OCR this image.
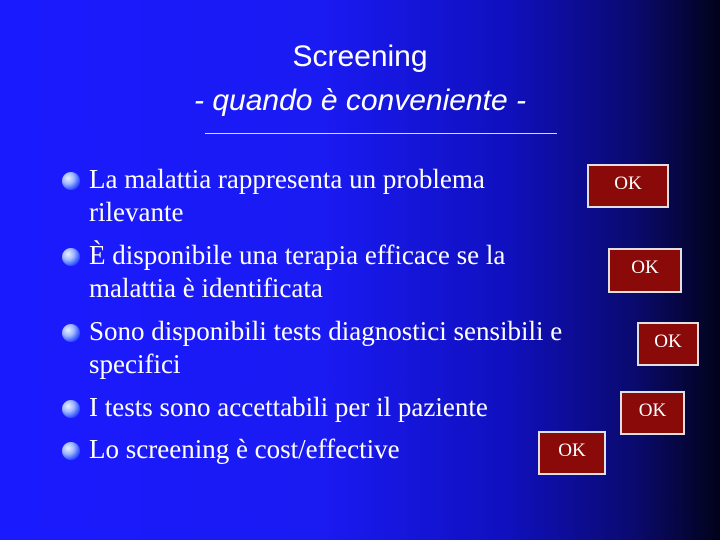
Screening
- quando è conveniente -
La malattia rappresenta un problema
rilevante
OK
È disponibile una terapia efficace se la
malattia è identificata
OK
Sono disponibili tests diagnostici sensibili e
specifici
OK
I tests sono accettabili per il paziente	OK
Lo screening è cost/effective	OK
